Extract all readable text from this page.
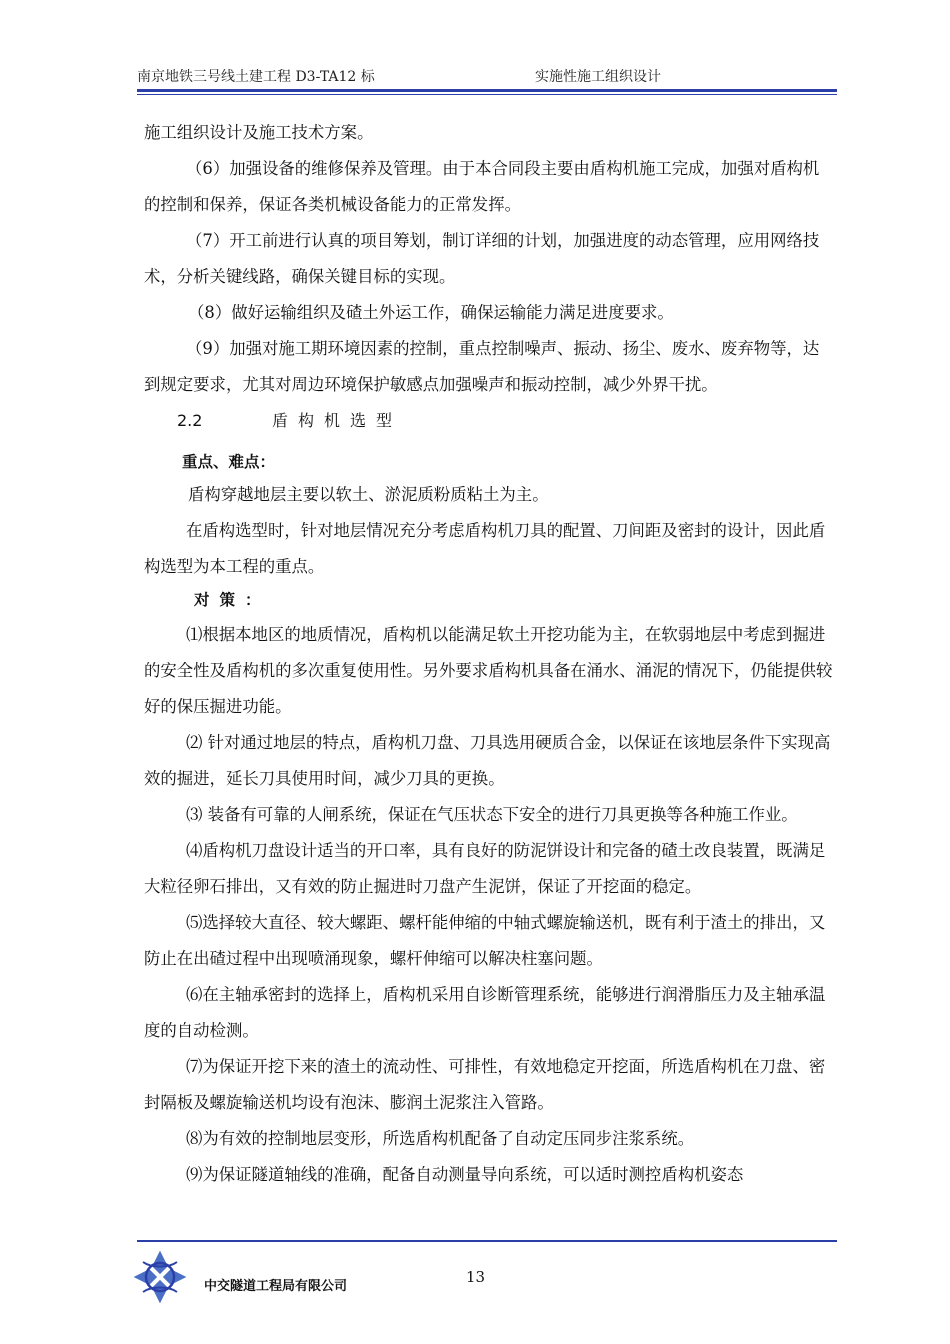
南京地铁三号线土建工程 D3-TA12 标	实施性施工组织设计

施工组织设计及施工技术方案。

（6）加强设备的维修保养及管理。由于本合同段主要由盾构机施工完成，加强对盾构机的控制和保养，保证各类机械设备能力的正常发挥。

（7）开工前进行认真的项目筹划，制订详细的计划，加强进度的动态管理，应用网络技术，分析关键线路，确保关键目标的实现。

（8）做好运输组织及碴土外运工作，确保运输能力满足进度要求。

（9）加强对施工期环境因素的控制，重点控制噪声、振动、扬尘、废水、废弃物等，达到规定要求，尤其对周边环境保护敏感点加强噪声和振动控制，减少外界干扰。

2.2	盾构机选型
重点、难点：

盾构穿越地层主要以软土、淤泥质粉质粘土为主。

在盾构选型时，针对地层情况充分考虑盾构机刀具的配置、刀间距及密封的设计，因此盾构选型为本工程的重点。

对策：

⑴根据本地区的地质情况，盾构机以能满足软土开挖功能为主，在软弱地层中考虑到掘进的安全性及盾构机的多次重复使用性。另外要求盾构机具备在涌水、涌泥的情况下，仍能提供较好的保压掘进功能。

⑵ 针对通过地层的特点，盾构机刀盘、刀具选用硬质合金，以保证在该地层条件下实现高效的掘进，延长刀具使用时间，减少刀具的更换。

⑶ 装备有可靠的人闸系统，保证在气压状态下安全的进行刀具更换等各种施工作业。

⑷盾构机刀盘设计适当的开口率，具有良好的防泥饼设计和完备的碴土改良装置，既满足大粒径卵石排出，又有效的防止掘进时刀盘产生泥饼，保证了开挖面的稳定。

⑸选择较大直径、较大螺距、螺杆能伸缩的中轴式螺旋输送机，既有利于渣土的排出，又防止在出碴过程中出现喷涌现象，螺杆伸缩可以解决柱塞问题。

⑹在主轴承密封的选择上，盾构机采用自诊断管理系统，能够进行润滑脂压力及主轴承温度的自动检测。

⑺为保证开挖下来的渣土的流动性、可排性，有效地稳定开挖面，所选盾构机在刀盘、密封隔板及螺旋输送机均设有泡沫、膨润土泥浆注入管路。

⑻为有效的控制地层变形，所选盾构机配备了自动定压同步注浆系统。

⑼为保证隧道轴线的准确，配备自动测量导向系统，可以适时测控盾构机姿态

中交隧道工程局有限公司
13
